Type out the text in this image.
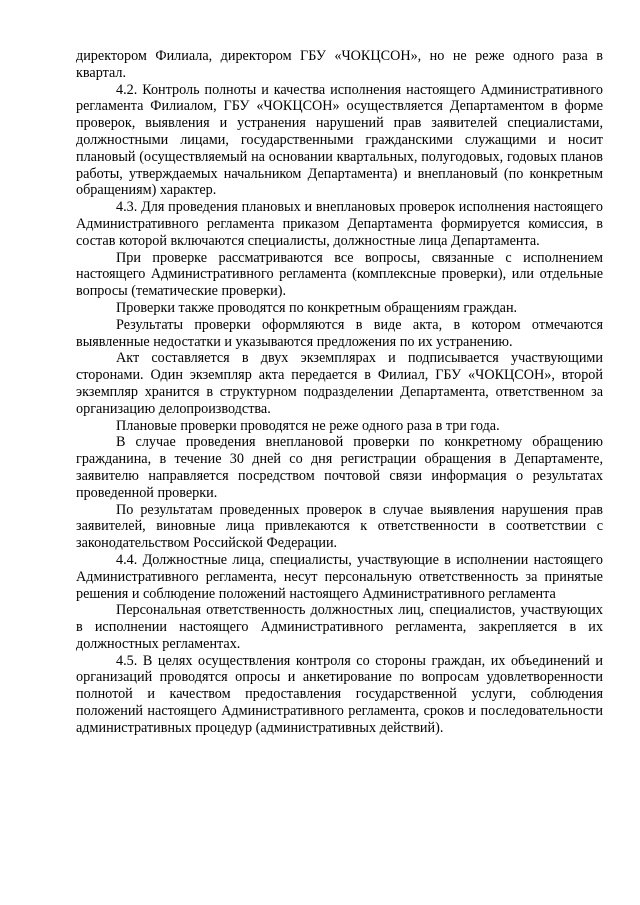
директором Филиала, директором ГБУ «ЧОКЦСОН», но не реже одного раза в квартал.

4.2. Контроль полноты и качества исполнения настоящего Административного регламента Филиалом, ГБУ «ЧОКЦСОН» осуществляется Департаментом в форме проверок, выявления и устранения нарушений прав заявителей специалистами, должностными лицами, государственными гражданскими служащими и носит плановый (осуществляемый на основании квартальных, полугодовых, годовых планов работы, утверждаемых начальником Департамента) и внеплановый (по конкретным обращениям) характер.

4.3. Для проведения плановых и внеплановых проверок исполнения настоящего Административного регламента приказом Департамента формируется комиссия, в состав которой включаются специалисты, должностные лица Департамента.

При проверке рассматриваются все вопросы, связанные с исполнением настоящего Административного регламента (комплексные проверки), или отдельные вопросы (тематические проверки).

Проверки также проводятся по конкретным обращениям граждан.

Результаты проверки оформляются в виде акта, в котором отмечаются выявленные недостатки и указываются предложения по их устранению.

Акт составляется в двух экземплярах и подписывается участвующими сторонами. Один экземпляр акта передается в Филиал, ГБУ «ЧОКЦСОН», второй экземпляр хранится в структурном подразделении Департамента, ответственном за организацию делопроизводства.

Плановые проверки проводятся не реже одного раза в три года.

В случае проведения внеплановой проверки по конкретному обращению гражданина, в течение 30 дней со дня регистрации обращения в Департаменте, заявителю направляется посредством почтовой связи информация о результатах проведенной проверки.

По результатам проведенных проверок в случае выявления нарушения прав заявителей, виновные лица привлекаются к ответственности в соответствии с законодательством Российской Федерации.

4.4. Должностные лица, специалисты, участвующие в исполнении настоящего Административного регламента, несут персональную ответственность за принятые решения и соблюдение положений настоящего Административного регламента

Персональная ответственность должностных лиц, специалистов, участвующих в исполнении настоящего Административного регламента, закрепляется в их должностных регламентах.

4.5. В целях осуществления контроля со стороны граждан, их объединений и организаций проводятся опросы и анкетирование по вопросам удовлетворенности полнотой и качеством предоставления государственной услуги, соблюдения положений настоящего Административного регламента, сроков и последовательности административных процедур (административных действий).
